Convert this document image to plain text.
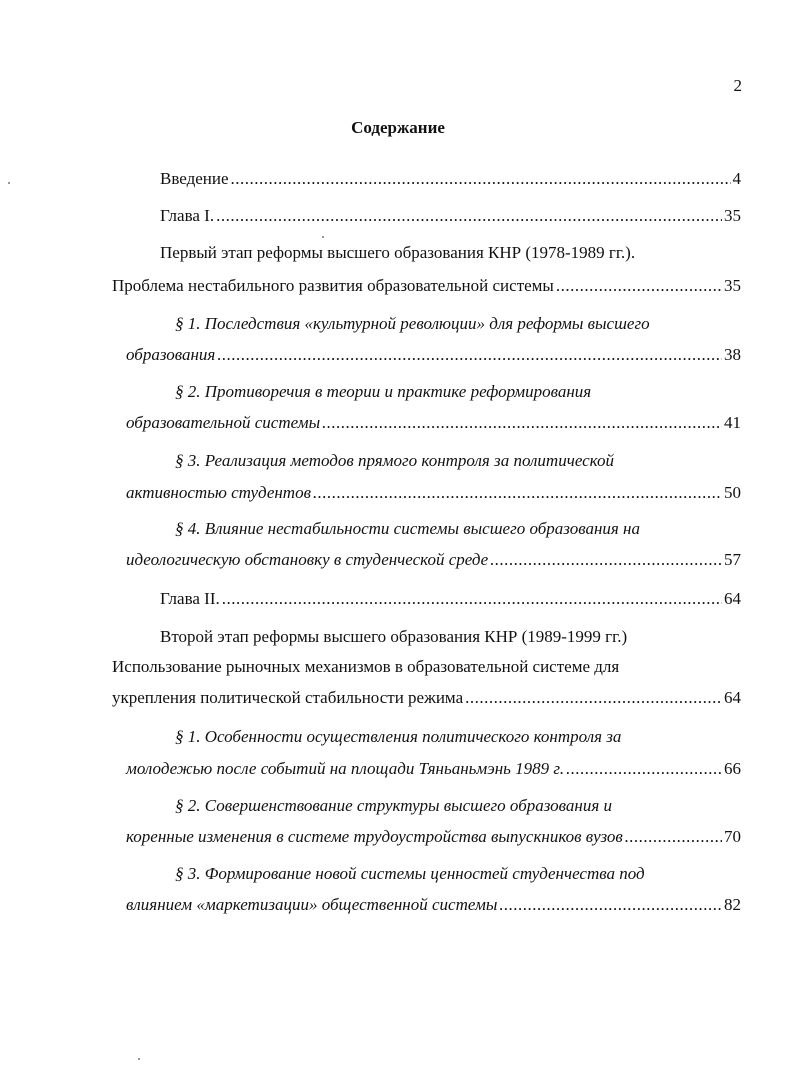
2
Содержание
Введение .....	4
Глава I. .....	35
Первый этап реформы высшего образования КНР (1978-1989 гг.).
Проблема нестабильного развития образовательной системы .....	35
§ 1. Последствия «культурной революции» для реформы высшего
образования .....	38
§ 2. Противоречия в теории и практике реформирования
образовательной системы .....	41
§ 3. Реализация методов прямого контроля за политической
активностью студентов .....	50
§ 4. Влияние нестабильности системы высшего образования на
идеологическую обстановку в студенческой среде .....	57
Глава II. .....	64
Второй этап реформы высшего образования КНР (1989-1999 гг.)
Использование рыночных механизмов в образовательной системе для
укрепления политической стабильности режима .....	64
§ 1. Особенности осуществления политического контроля за
молодежью после событий на площади Тяньаньмэнь 1989 г. .....	66
§ 2. Совершенствование структуры высшего образования и
коренные изменения в системе трудоустройства выпускников вузов .....	70
§ 3. Формирование новой системы ценностей студенчества под
влиянием «маркетизации» общественной системы .....	82
